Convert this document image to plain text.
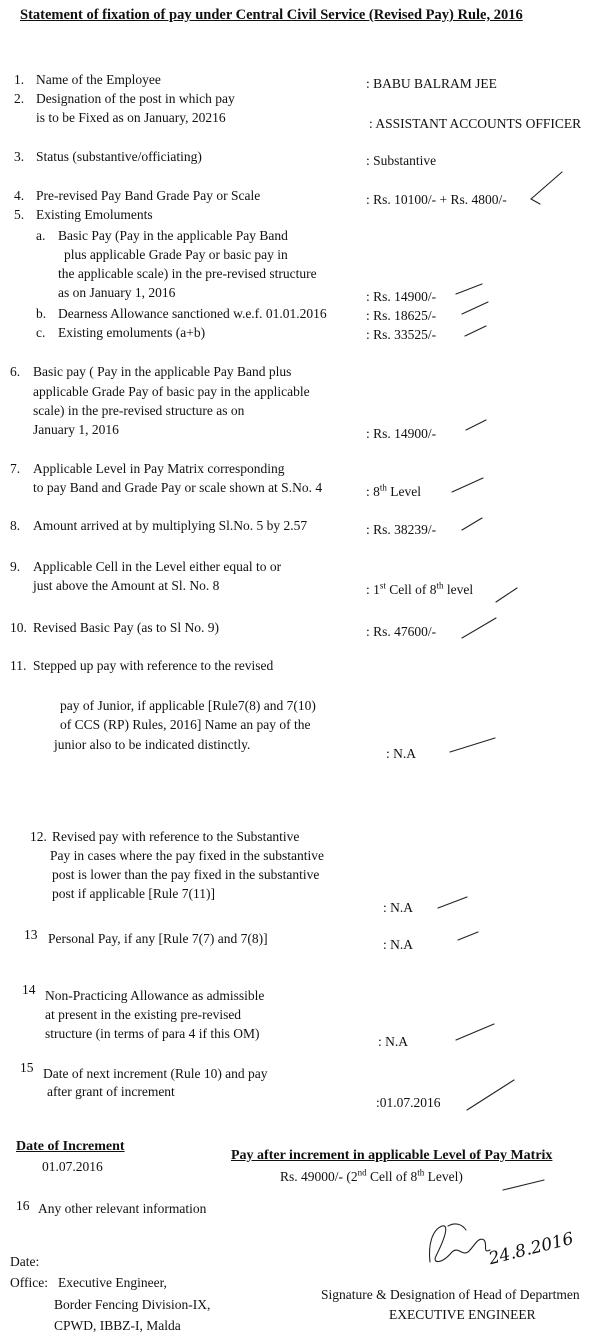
Statement of fixation of pay under Central Civil Service (Revised Pay) Rule, 2016
1. Name of the Employee	: BABU BALRAM JEE
2. Designation of the post in which pay
is to be Fixed as on January, 20216	: ASSISTANT ACCOUNTS OFFICER
3. Status (substantive/officiating)	: Substantive
4. Pre-revised Pay Band Grade Pay or Scale	: Rs. 10100/- + Rs. 4800/-
5. Existing Emoluments
a. Basic Pay (Pay in the applicable Pay Band
plus applicable Grade Pay or basic pay in
the applicable scale) in the pre-revised structure
as on January 1, 2016	: Rs. 14900/-
b. Dearness Allowance sanctioned w.e.f. 01.01.2016	: Rs. 18625/-
c. Existing emoluments (a+b)	: Rs. 33525/-
6. Basic pay ( Pay in the applicable Pay Band plus
applicable Grade Pay of basic pay in the applicable
scale) in the pre-revised structure as on
January 1, 2016	: Rs. 14900/-
7. Applicable Level in Pay Matrix corresponding
to pay Band and Grade Pay or scale shown at S.No. 4	: 8th Level
8. Amount arrived at by multiplying Sl.No. 5 by 2.57	: Rs. 38239/-
9. Applicable Cell in the Level either equal to or
just above the Amount at Sl. No. 8	: 1st Cell of 8th level
10. Revised Basic Pay (as to Sl No. 9)	: Rs. 47600/-
11. Stepped up pay with reference to the revised
pay of Junior, if applicable [Rule7(8) and 7(10)
of CCS (RP) Rules, 2016] Name an pay of the
junior also to be indicated distinctly.
: N.A
12. Revised pay with reference to the Substantive
Pay in cases where the pay fixed in the substantive
post is lower than the pay fixed in the substantive
post if applicable [Rule 7(11)]
: N.A
13 Personal Pay, if any [Rule 7(7) and 7(8)]	: N.A
14 Non-Practicing Allowance as admissible
at present in the existing pre-revised
structure (in terms of para 4 if this OM)
: N.A
15 Date of next increment (Rule 10) and pay
after grant of increment
:01.07.2016
Date of Increment
01.07.2016
Pay after increment in applicable Level of Pay Matrix
Rs. 49000/- (2nd Cell of 8th Level)
16 Any other relevant information
Date:
Office: Executive Engineer,
Border Fencing Division-IX,
CPWD, IBBZ-I, Malda
Signature & Designation of Head of Departmen
EXECUTIVE ENGINEER
24.8.2016
